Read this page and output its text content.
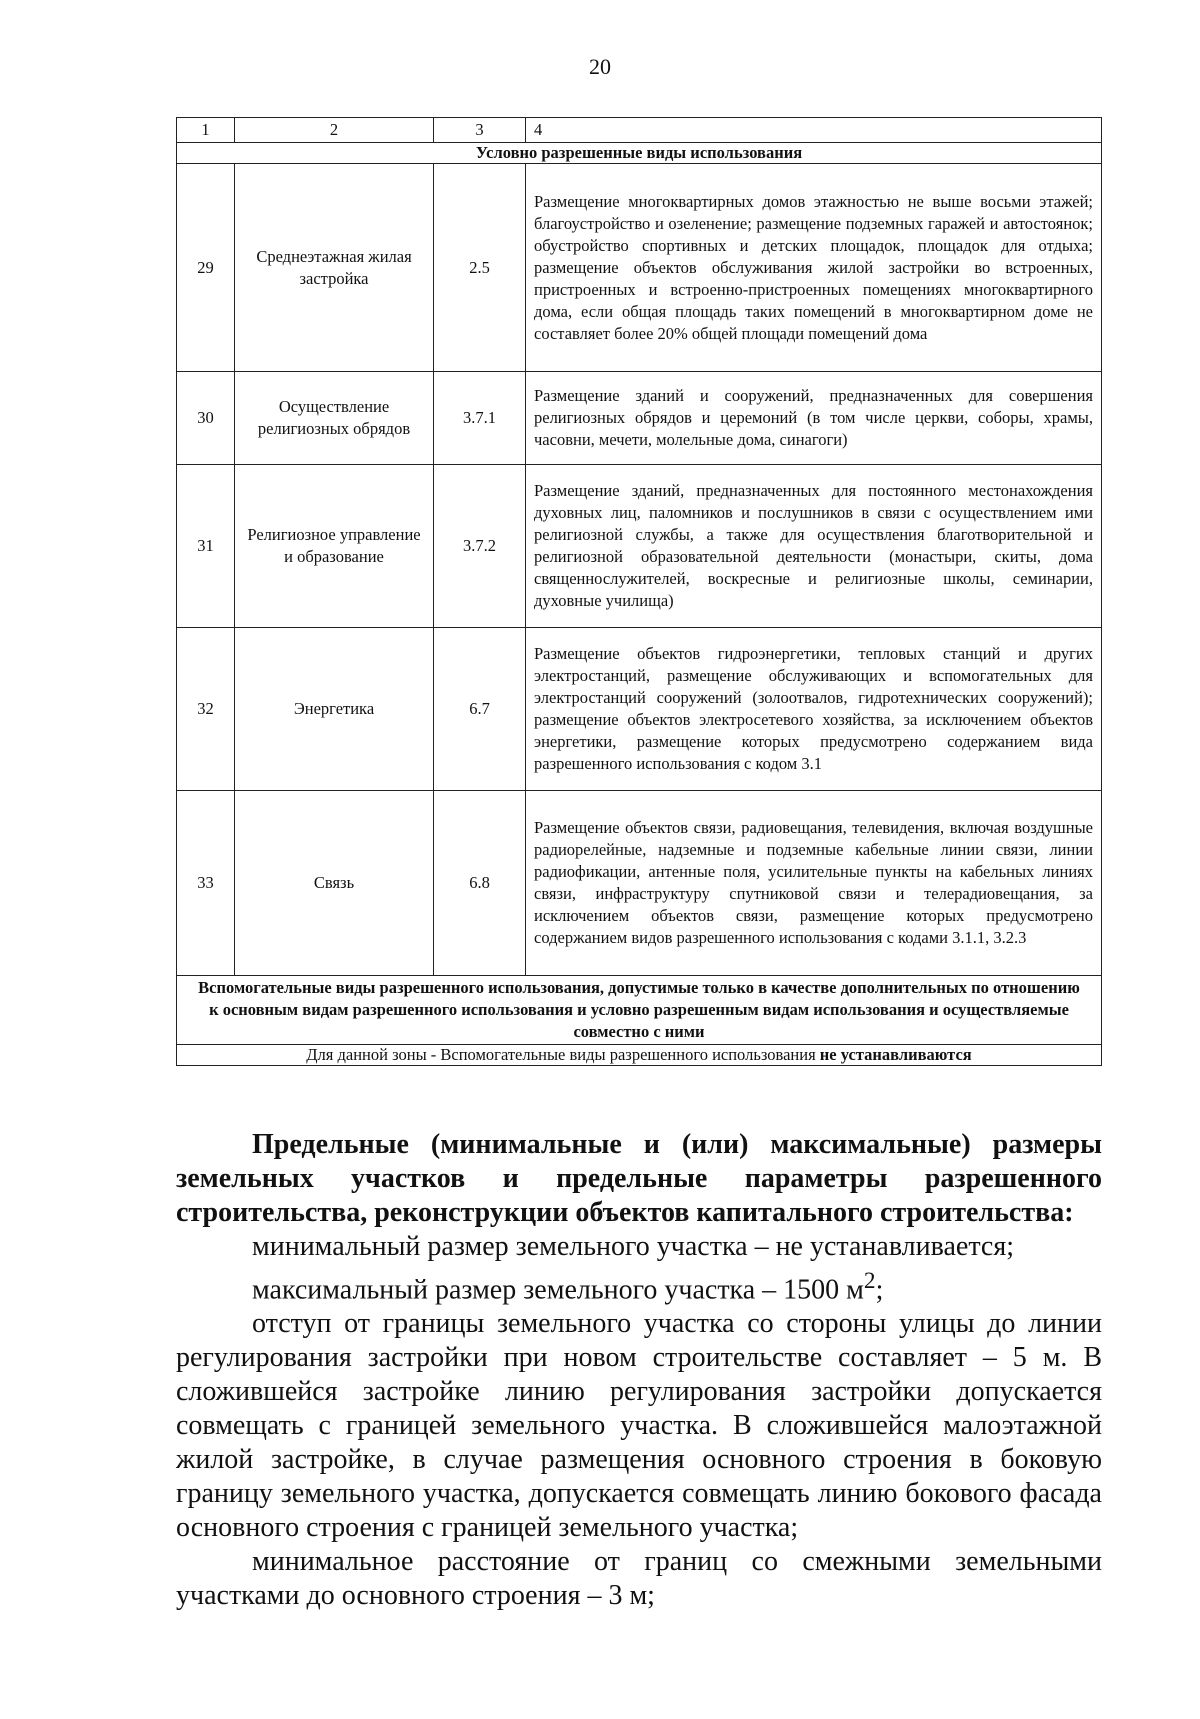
20
1	2	3	4
Условно разрешенные виды использования			
29	Среднеэтажная жилая застройка	2.5	Размещение многоквартирных домов этажностью не выше восьми этажей; благоустройство и озеленение; размещение подземных гаражей и автостоянок; обустройство спортивных и детских площадок, площадок для отдыха; размещение объектов обслуживания жилой застройки во встроенных, пристроенных и встроенно-пристроенных помещениях многоквартирного дома, если общая площадь таких помещений в многоквартирном доме не составляет более 20% общей площади помещений дома
30	Осуществление религиозных обрядов	3.7.1	Размещение зданий и сооружений, предназначенных для совершения религиозных обрядов и церемоний (в том числе церкви, соборы, храмы, часовни, мечети, молельные дома, синагоги)
31	Религиозное управление и образование	3.7.2	Размещение зданий, предназначенных для постоянного местонахождения духовных лиц, паломников и послушников в связи с осуществлением ими религиозной службы, а также для осуществления благотворительной и религиозной образовательной деятельности (монастыри, скиты, дома священнослужителей, воскресные и религиозные школы, семинарии, духовные училища)
32	Энергетика	6.7	Размещение объектов гидроэнергетики, тепловых станций и других электростанций, размещение обслуживающих и вспомогательных для электростанций сооружений (золоотвалов, гидротехнических сооружений); размещение объектов электросетевого хозяйства, за исключением объектов энергетики, размещение которых предусмотрено содержанием вида разрешенного использования с кодом 3.1
33	Связь	6.8	Размещение объектов связи, радиовещания, телевидения, включая воздушные радиорелейные, надземные и подземные кабельные линии связи, линии радиофикации, антенные поля, усилительные пункты на кабельных линиях связи, инфраструктуру спутниковой связи и телерадиовещания, за исключением объектов связи, размещение которых предусмотрено содержанием видов разрешенного использования с кодами 3.1.1, 3.2.3
Вспомогательные виды разрешенного использования, допустимые только в качестве дополнительных по отношению к основным видам разрешенного использования и условно разрешенным видам использования и осуществляемые совместно с ними			
Для данной зоны - Вспомогательные виды разрешенного использования не устанавливаются			

Предельные (минимальные и (или) максимальные) размеры земельных участков и предельные параметры разрешенного строительства, реконструкции объектов капитального строительства:

минимальный размер земельного участка – не устанавливается;

максимальный размер земельного участка – 1500 $м^2$;

отступ от границы земельного участка со стороны улицы до линии регулирования застройки при новом строительстве составляет – 5 м. В сложившейся застройке линию регулирования застройки допускается совмещать с границей земельного участка. В сложившейся малоэтажной жилой застройке, в случае размещения основного строения в боковую границу земельного участка, допускается совмещать линию бокового фасада основного строения с границей земельного участка;

минимальное расстояние от границ со смежными земельными участками до основного строения – 3 м;
